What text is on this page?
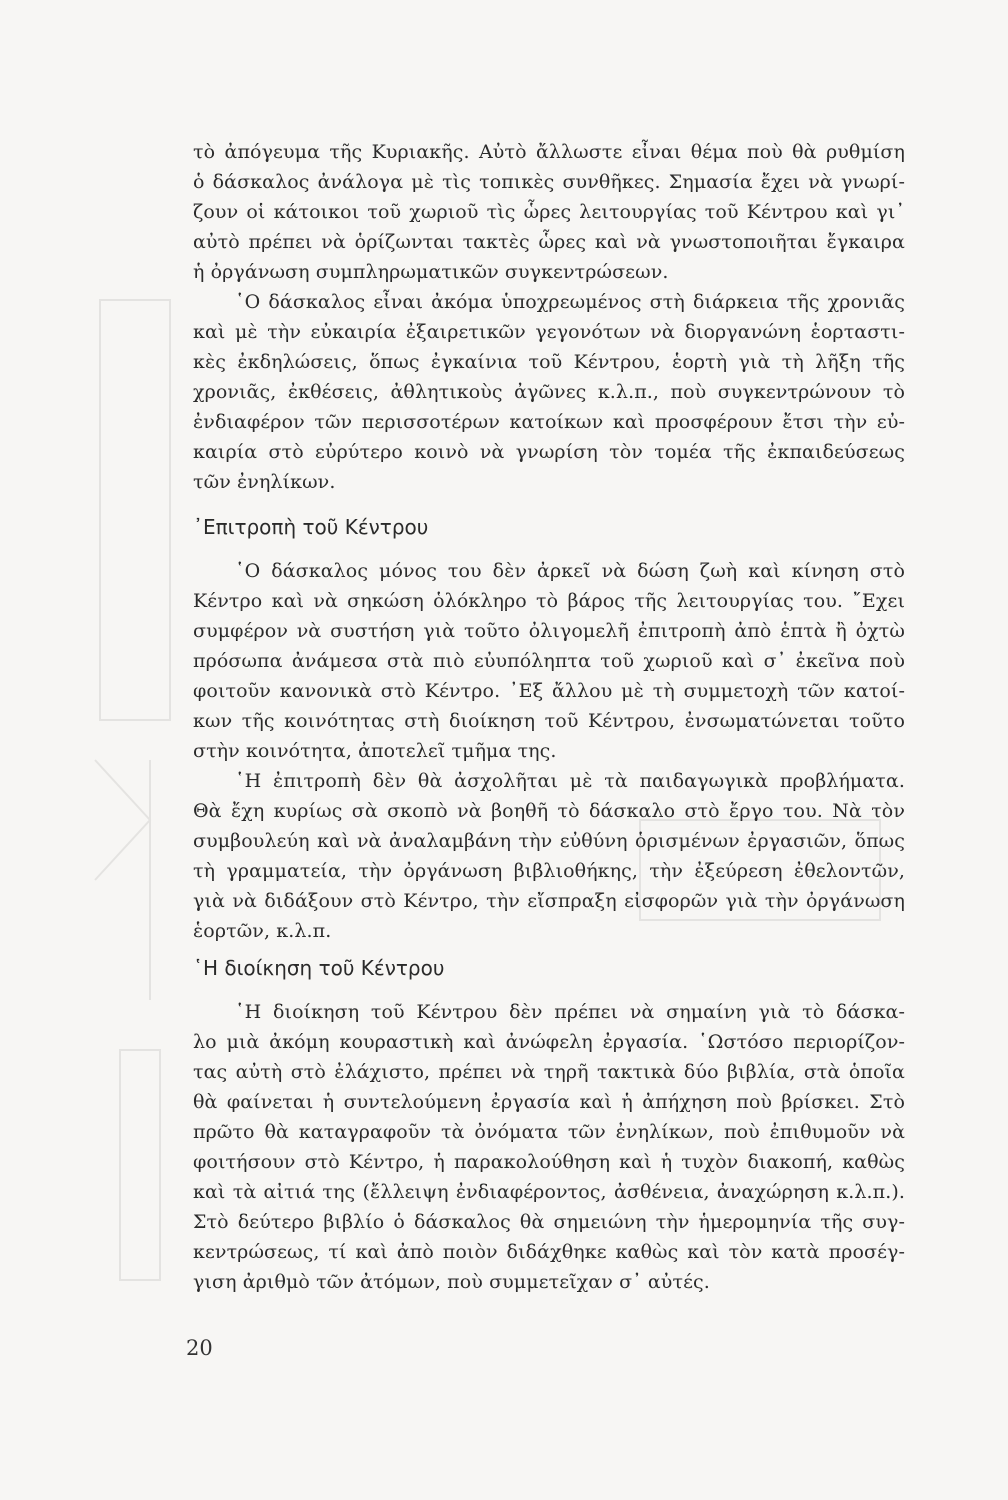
τὸ ἀπόγευμα τῆς Κυριακῆς. Αὐτὸ ἄλλωστε εἶναι θέμα ποὺ θὰ ρυθμίση
ὁ δάσκαλος ἀνάλογα μὲ τὶς τοπικὲς συνθῆκες. Σημασία ἔχει νὰ γνωρί-
ζουν οἱ κάτοικοι τοῦ χωριοῦ τὶς ὧρες λειτουργίας τοῦ Κέντρου καὶ γι᾿
αὐτὸ πρέπει νὰ ὁρίζωνται τακτὲς ὧρες καὶ νὰ γνωστοποιῆται ἔγκαιρα
ἡ ὀργάνωση συμπληρωματικῶν συγκεντρώσεων.
῾Ο δάσκαλος εἶναι ἀκόμα ὑποχρεωμένος στὴ διάρκεια τῆς χρονιᾶς
καὶ μὲ τὴν εὐκαιρία ἐξαιρετικῶν γεγονότων νὰ διοργανώνη ἑορταστι-
κὲς ἐκδηλώσεις, ὅπως ἐγκαίνια τοῦ Κέντρου, ἑορτὴ γιὰ τὴ λῆξη τῆς
χρονιᾶς, ἐκθέσεις, ἀθλητικοὺς ἀγῶνες κ.λ.π., ποὺ συγκεντρώνουν τὸ
ἐνδιαφέρον τῶν περισσοτέρων κατοίκων καὶ προσφέρουν ἔτσι τὴν εὐ-
καιρία στὸ εὐρύτερο κοινὸ νὰ γνωρίση τὸν τομέα τῆς ἐκπαιδεύσεως
τῶν ἐνηλίκων.
᾿Επιτροπὴ τοῦ Κέντρου
῾Ο δάσκαλος μόνος του δὲν ἀρκεῖ νὰ δώση ζωὴ καὶ κίνηση στὸ
Κέντρο καὶ νὰ σηκώση ὁλόκληρο τὸ βάρος τῆς λειτουργίας του. ῎Εχει
συμφέρον νὰ συστήση γιὰ τοῦτο ὀλιγομελῆ ἐπιτροπὴ ἀπὸ ἑπτὰ ἢ ὀχτὼ
πρόσωπα ἀνάμεσα στὰ πιὸ εὐυπόληπτα τοῦ χωριοῦ καὶ σ᾿ ἐκεῖνα ποὺ
φοιτοῦν κανονικὰ στὸ Κέντρο. ᾿Εξ ἄλλου μὲ τὴ συμμετοχὴ τῶν κατοί-
κων τῆς κοινότητας στὴ διοίκηση τοῦ Κέντρου, ἐνσωματώνεται τοῦτο
στὴν κοινότητα, ἀποτελεῖ τμῆμα της.
῾Η ἐπιτροπὴ δὲν θὰ ἀσχολῆται μὲ τὰ παιδαγωγικὰ προβλήματα.
Θὰ ἔχη κυρίως σὰ σκοπὸ νὰ βοηθῆ τὸ δάσκαλο στὸ ἔργο του. Νὰ τὸν
συμβουλεύη καὶ νὰ ἀναλαμβάνη τὴν εὐθύνη ὁρισμένων ἐργασιῶν, ὅπως
τὴ γραμματεία, τὴν ὀργάνωση βιβλιοθήκης, τὴν ἐξεύρεση ἐθελοντῶν,
γιὰ νὰ διδάξουν στὸ Κέντρο, τὴν εἴσπραξη εἰσφορῶν γιὰ τὴν ὀργάνωση
ἑορτῶν, κ.λ.π.
῾Η διοίκηση τοῦ Κέντρου
῾Η διοίκηση τοῦ Κέντρου δὲν πρέπει νὰ σημαίνη γιὰ τὸ δάσκα-
λο μιὰ ἀκόμη κουραστικὴ καὶ ἀνώφελη ἐργασία. ῾Ωστόσο περιορίζον-
τας αὐτὴ στὸ ἐλάχιστο, πρέπει νὰ τηρῆ τακτικὰ δύο βιβλία, στὰ ὁποῖα
θὰ φαίνεται ἡ συντελούμενη ἐργασία καὶ ἡ ἀπήχηση ποὺ βρίσκει. Στὸ
πρῶτο θὰ καταγραφοῦν τὰ ὀνόματα τῶν ἐνηλίκων, ποὺ ἐπιθυμοῦν νὰ
φοιτήσουν στὸ Κέντρο, ἡ παρακολούθηση καὶ ἡ τυχὸν διακοπή, καθὼς
καὶ τὰ αἰτιά της (ἔλλειψη ἐνδιαφέροντος, ἀσθένεια, ἀναχώρηση κ.λ.π.).
Στὸ δεύτερο βιβλίο ὁ δάσκαλος θὰ σημειώνη τὴν ἡμερομηνία τῆς συγ-
κεντρώσεως, τί καὶ ἀπὸ ποιὸν διδάχθηκε καθὼς καὶ τὸν κατὰ προσέγ-
γιση ἀριθμὸ τῶν ἀτόμων, ποὺ συμμετεῖχαν σ᾿ αὐτές.
20
